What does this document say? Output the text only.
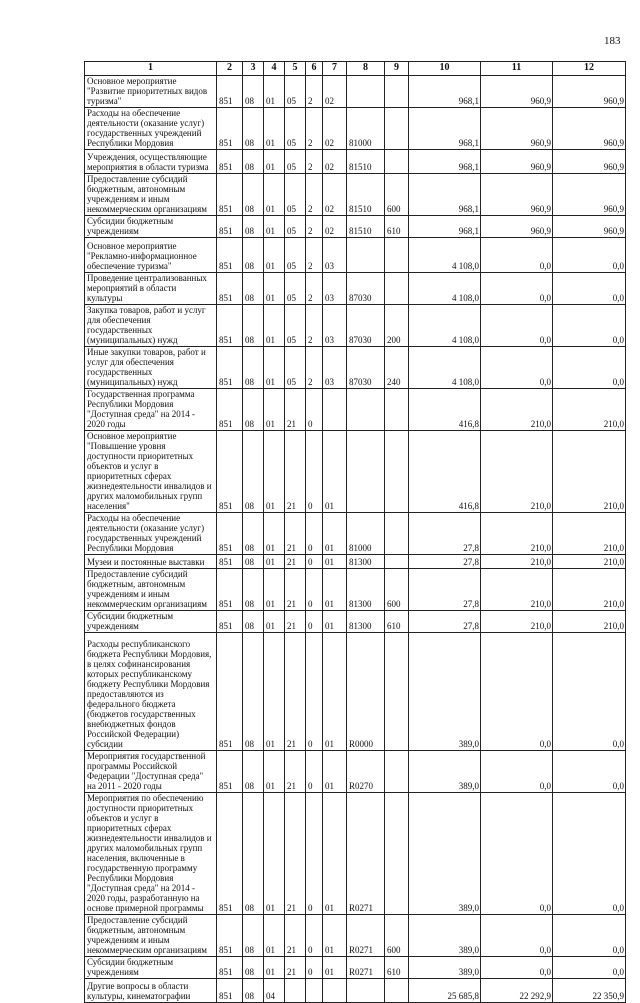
183
1	2	3	4	5	6	7	8	9	10	11	12
Основное мероприятие "Развитие приоритетных видов туризма"	851	08	01	05	2	02			968,1	960,9	960,9
Расходы на обеспечение деятельности (оказание услуг) государственных учреждений Республики Мордовия	851	08	01	05	2	02	81000		968,1	960,9	960,9
Учреждения, осуществляющие мероприятия в области туризма	851	08	01	05	2	02	81510		968,1	960,9	960,9
Предоставление субсидий бюджетным, автономным учреждениям и иным некоммерческим организациям	851	08	01	05	2	02	81510	600	968,1	960,9	960,9
Субсидии бюджетным учреждениям	851	08	01	05	2	02	81510	610	968,1	960,9	960,9
Основное мероприятие "Рекламно-информационное обеспечение туризма"	851	08	01	05	2	03			4 108,0	0,0	0,0
Проведение централизованных мероприятий в области культуры	851	08	01	05	2	03	87030		4 108,0	0,0	0,0
Закупка товаров, работ и услуг для обеспечения государственных (муниципальных) нужд	851	08	01	05	2	03	87030	200	4 108,0	0,0	0,0
Иные закупки товаров, работ и услуг для обеспечения государственных (муниципальных) нужд	851	08	01	05	2	03	87030	240	4 108,0	0,0	0,0
Государственная программа Республики Мордовия "Доступная среда" на 2014 - 2020 годы	851	08	01	21	0				416,8	210,0	210,0
Основное мероприятие "Повышение уровня доступности приоритетных объектов и услуг в приоритетных сферах жизнедеятельности инвалидов и других маломобильных групп населения"	851	08	01	21	0	01			416,8	210,0	210,0
Расходы на обеспечение деятельности (оказание услуг) государственных учреждений Республики Мордовия	851	08	01	21	0	01	81000		27,8	210,0	210,0
Музеи и постоянные выставки	851	08	01	21	0	01	81300		27,8	210,0	210,0
Предоставление субсидий бюджетным, автономным учреждениям и иным некоммерческим организациям	851	08	01	21	0	01	81300	600	27,8	210,0	210,0
Субсидии бюджетным учреждениям	851	08	01	21	0	01	81300	610	27,8	210,0	210,0
Расходы республиканского бюджета Республики Мордовия, в целях софинансирования которых республиканскому бюджету Республики Мордовия предоставляются из федерального бюджета (бюджетов государственных внебюджетных фондов Российской Федерации) субсидии	851	08	01	21	0	01	R0000		389,0	0,0	0,0
Мероприятия государственной программы Российской Федерации "Доступная среда" на 2011 - 2020 годы	851	08	01	21	0	01	R0270		389,0	0,0	0,0
Мероприятия по обеспечению доступности приоритетных объектов и услуг в приоритетных сферах жизнедеятельности инвалидов и других маломобильных групп населения, включенные в государственную программу Республики Мордовия "Доступная среда" на 2014 - 2020 годы, разработанную на основе примерной программы	851	08	01	21	0	01	R0271		389,0	0,0	0,0
Предоставление субсидий бюджетным, автономным учреждениям и иным некоммерческим организациям	851	08	01	21	0	01	R0271	600	389,0	0,0	0,0
Субсидии бюджетным учреждениям	851	08	01	21	0	01	R0271	610	389,0	0,0	0,0
Другие вопросы в области культуры, кинематографии	851	08	04						25 685,8	22 292,9	22 350,9
